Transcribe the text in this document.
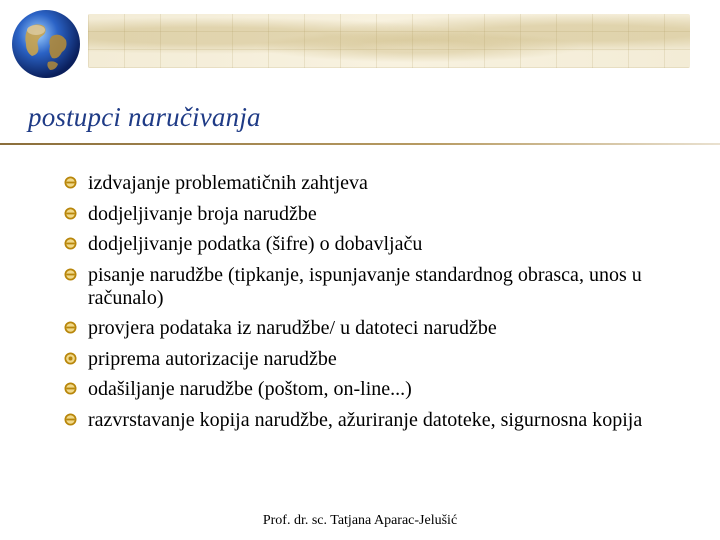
postupci naručivanja
izdvajanje problematičnih zahtjeva
dodjeljivanje broja narudžbe
dodjeljivanje podatka (šifre) o dobavljaču
pisanje narudžbe (tipkanje, ispunjavanje standardnog obrasca, unos u računalo)
provjera podataka iz narudžbe/ u datoteci narudžbe
priprema autorizacije narudžbe
odašiljanje narudžbe (poštom, on-line...)
razvrstavanje kopija narudžbe, ažuriranje datoteke, sigurnosna kopija
Prof. dr. sc. Tatjana Aparac-Jelušić
